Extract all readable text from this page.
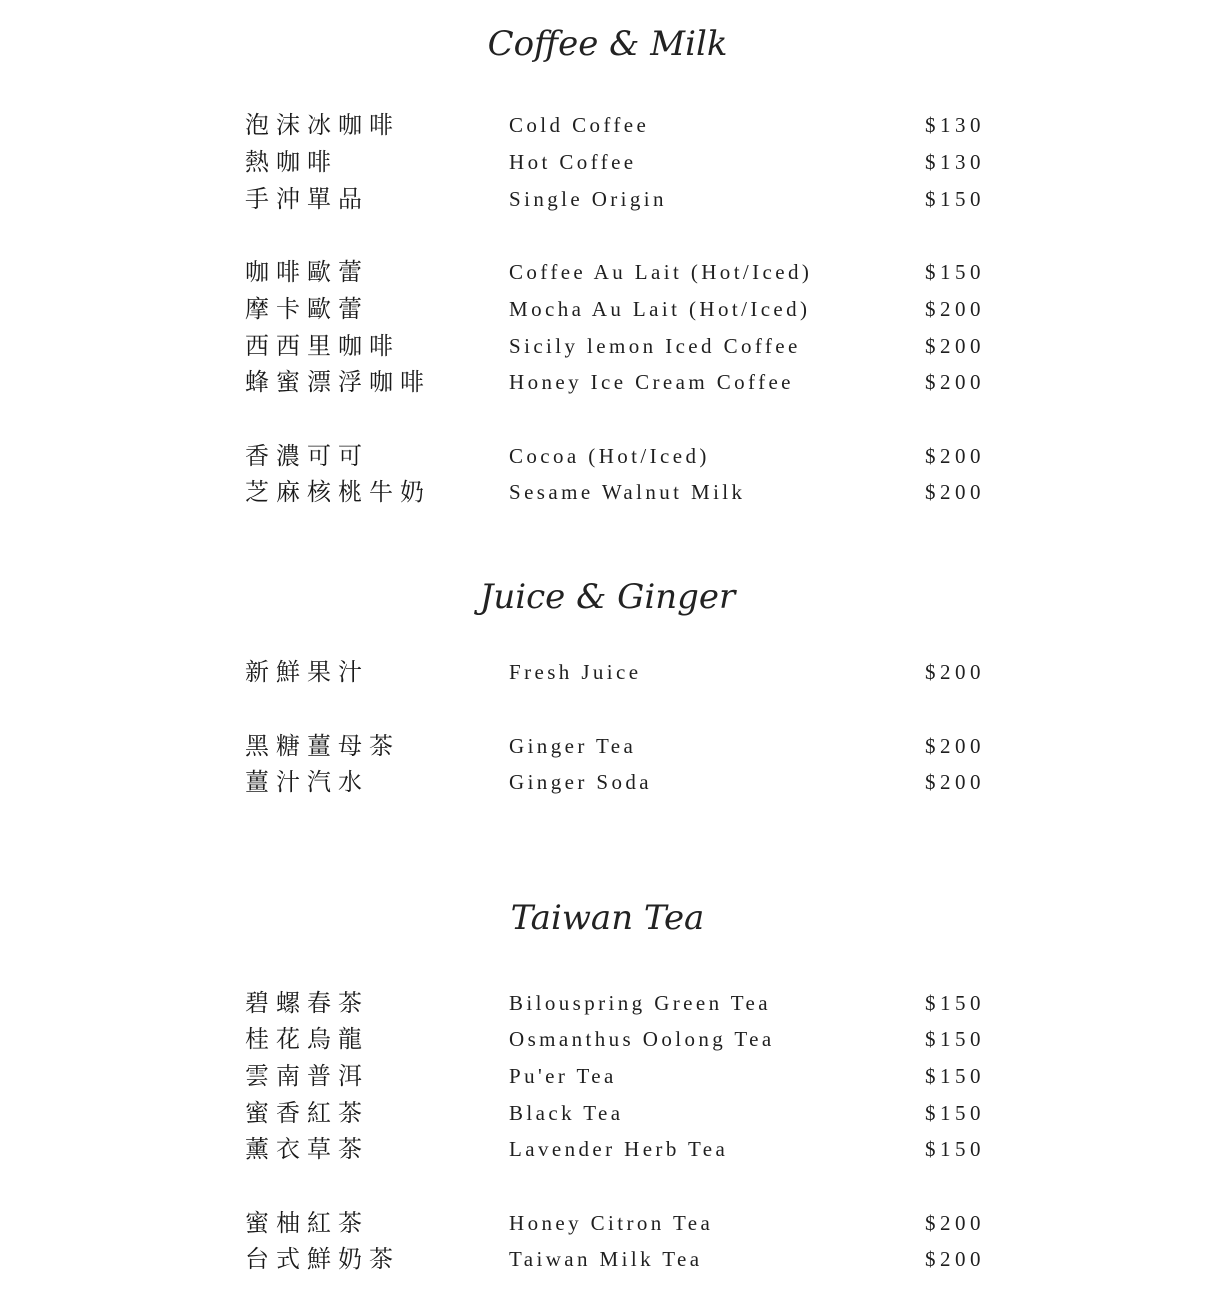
Coffee & Milk
泡沫冰咖啡	Cold Coffee	$130
熱咖啡	Hot Coffee	$130
手沖單品	Single Origin	$150
咖啡歐蕾	Coffee Au Lait (Hot/Iced)	$150
摩卡歐蕾	Mocha Au Lait (Hot/Iced)	$200
西西里咖啡	Sicily lemon Iced Coffee	$200
蜂蜜漂浮咖啡	Honey Ice Cream Coffee	$200
香濃可可	Cocoa (Hot/Iced)	$200
芝麻核桃牛奶	Sesame Walnut Milk	$200
Juice & Ginger
新鮮果汁	Fresh Juice	$200
黑糖薑母茶	Ginger Tea	$200
薑汁汽水	Ginger Soda	$200
Taiwan Tea
碧螺春茶	Bilouspring Green Tea	$150
桂花烏龍	Osmanthus Oolong Tea	$150
雲南普洱	Pu'er Tea	$150
蜜香紅茶	Black Tea	$150
薰衣草茶	Lavender Herb Tea	$150
蜜柚紅茶	Honey Citron Tea	$200
台式鮮奶茶	Taiwan Milk Tea	$200
